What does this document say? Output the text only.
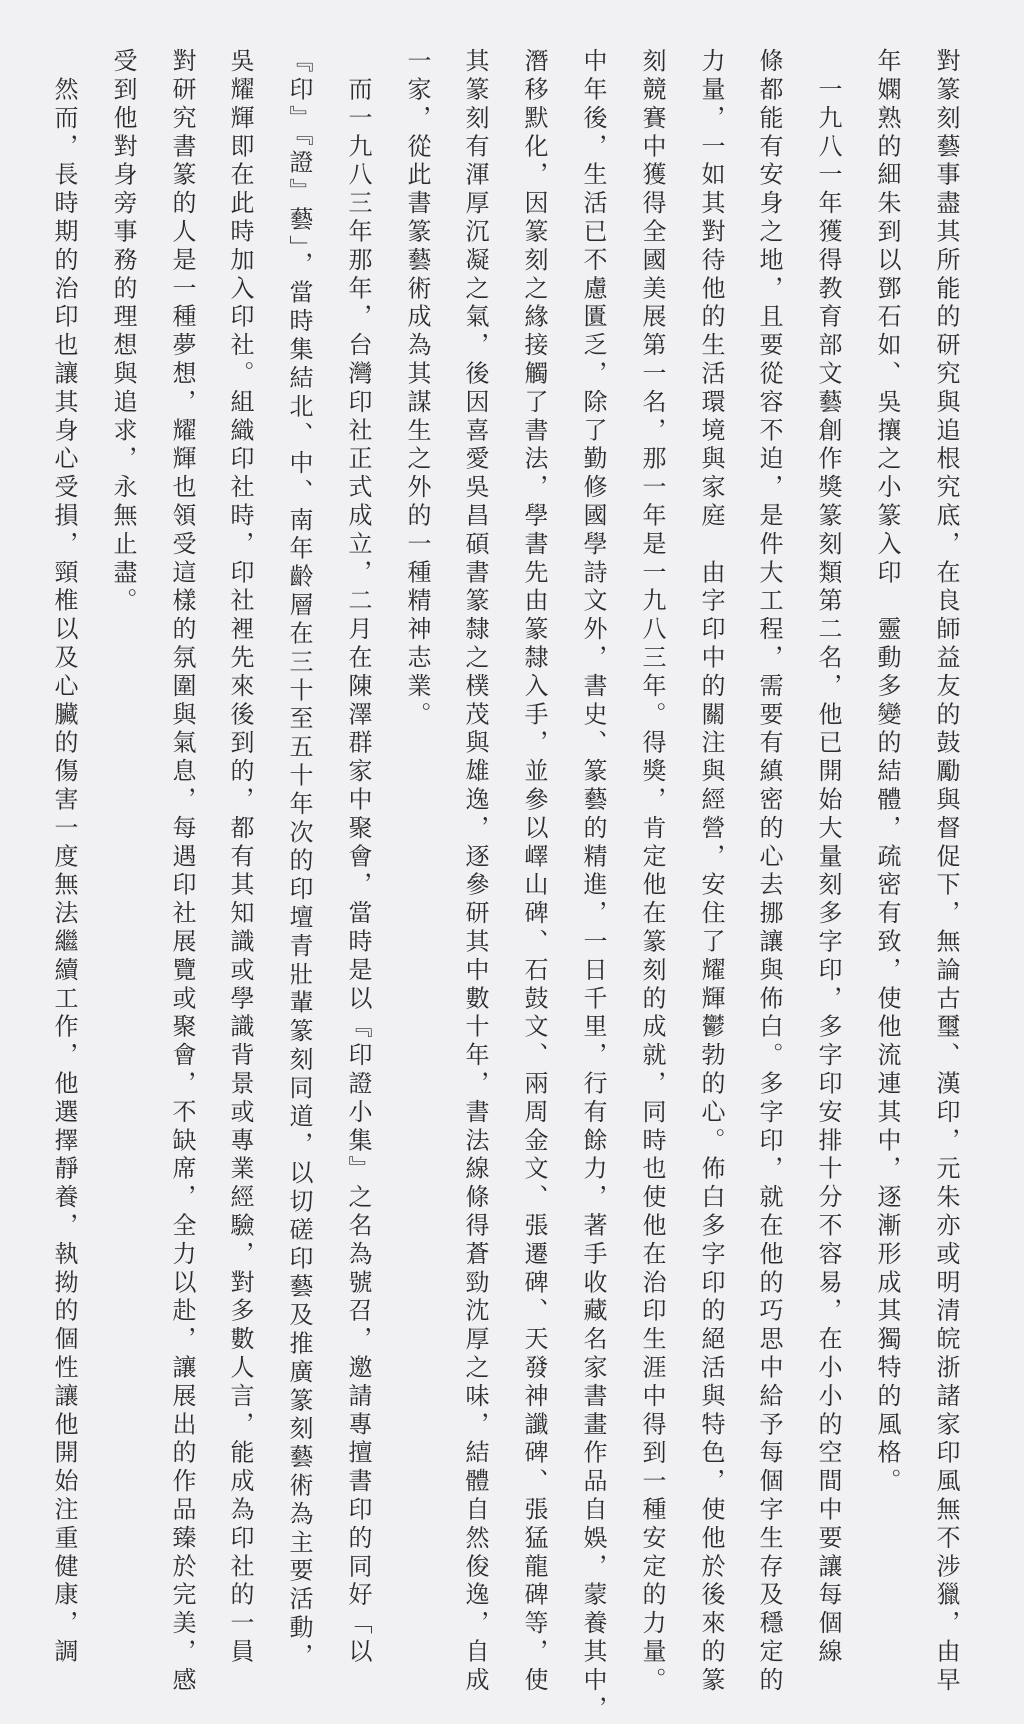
對篆刻藝事盡其所能的研究與追根究底，在良師益友的鼓勵與督促下，無論古璽、漢印，元朱亦或明清皖浙諸家印風無不涉獵，由早
年嫻熟的細朱到以鄧石如、吳攘之小篆入印　靈動多變的結體，疏密有致，使他流連其中，逐漸形成其獨特的風格。
　一九八一年獲得教育部文藝創作獎篆刻類第二名，他已開始大量刻多字印，多字印安排十分不容易，在小小的空間中要讓每個線
條都能有安身之地，且要從容不迫，是件大工程，需要有縝密的心去挪讓與佈白。多字印，就在他的巧思中給予每個字生存及穩定的
力量，一如其對待他的生活環境與家庭　由字印中的關注與經營，安住了耀輝鬱勃的心。佈白多字印的絕活與特色，使他於後來的篆
刻競賽中獲得全國美展第一名，那一年是一九八三年。得獎，肯定他在篆刻的成就，同時也使他在治印生涯中得到一種安定的力量。
中年後，生活已不慮匱乏，除了勤修國學詩文外，書史、篆藝的精進，一日千里，行有餘力，著手收藏名家書畫作品自娛，蒙養其中，
潛移默化，因篆刻之緣接觸了書法，學書先由篆隸入手，並參以嶧山碑、石鼓文、兩周金文、張遷碑、天發神讖碑、張猛龍碑等，使
其篆刻有渾厚沉凝之氣，後因喜愛吳昌碩書篆隸之樸茂與雄逸，逐參研其中數十年，書法線條得蒼勁沈厚之味，結體自然俊逸，自成
一家，從此書篆藝術成為其謀生之外的一種精神志業。
　而一九八三年那年，台灣印社正式成立，二月在陳澤群家中聚會，當時是以『印證小集』之名為號召，邀請專擅書印的同好「以
『印』『證』藝」，當時集結北、中、南年齡層在三十至五十年次的印壇青壯輩篆刻同道，以切磋印藝及推廣篆刻藝術為主要活動，
吳耀輝即在此時加入印社。組織印社時，印社裡先來後到的，都有其知識或學識背景或專業經驗，對多數人言，能成為印社的一員
對研究書篆的人是一種夢想，耀輝也領受這樣的氛圍與氣息，每遇印社展覽或聚會，不缺席，全力以赴，讓展出的作品臻於完美，感
受到他對身旁事務的理想與追求，永無止盡。
　然而，長時期的治印也讓其身心受損，頸椎以及心臟的傷害一度無法繼續工作，他選擇靜養，執拗的個性讓他開始注重健康，調
